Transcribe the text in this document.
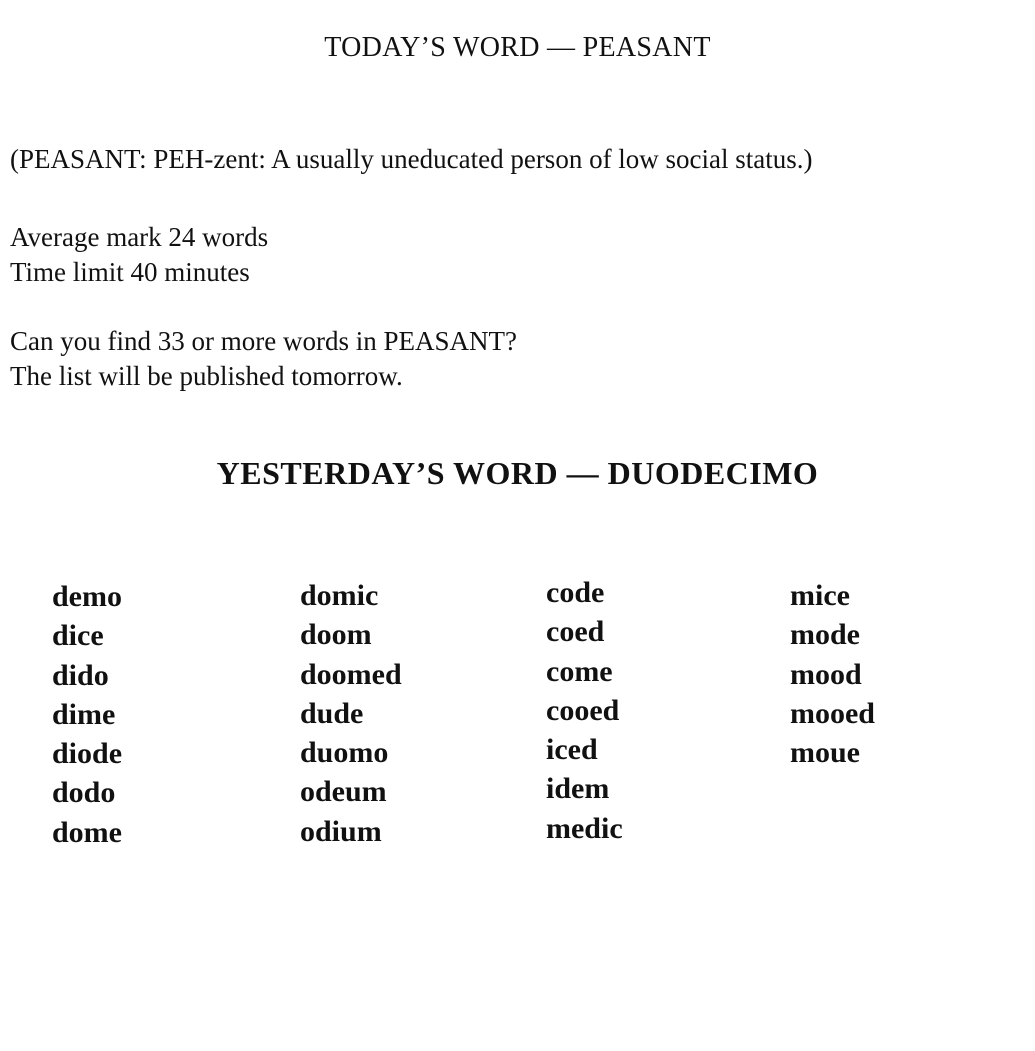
TODAY’S WORD — PEASANT
(PEASANT: PEH-zent: A usually uneducated person of low social status.)
Average mark 24 words
Time limit 40 minutes
Can you find 33 or more words in PEASANT?
The list will be published tomorrow.
YESTERDAY’S WORD — DUODECIMO
demo
dice
dido
dime
diode
dodo
dome
domic
doom
doomed
dude
duomo
odeum
odium
code
coed
come
cooed
iced
idem
medic
mice
mode
mood
mooed
moue
